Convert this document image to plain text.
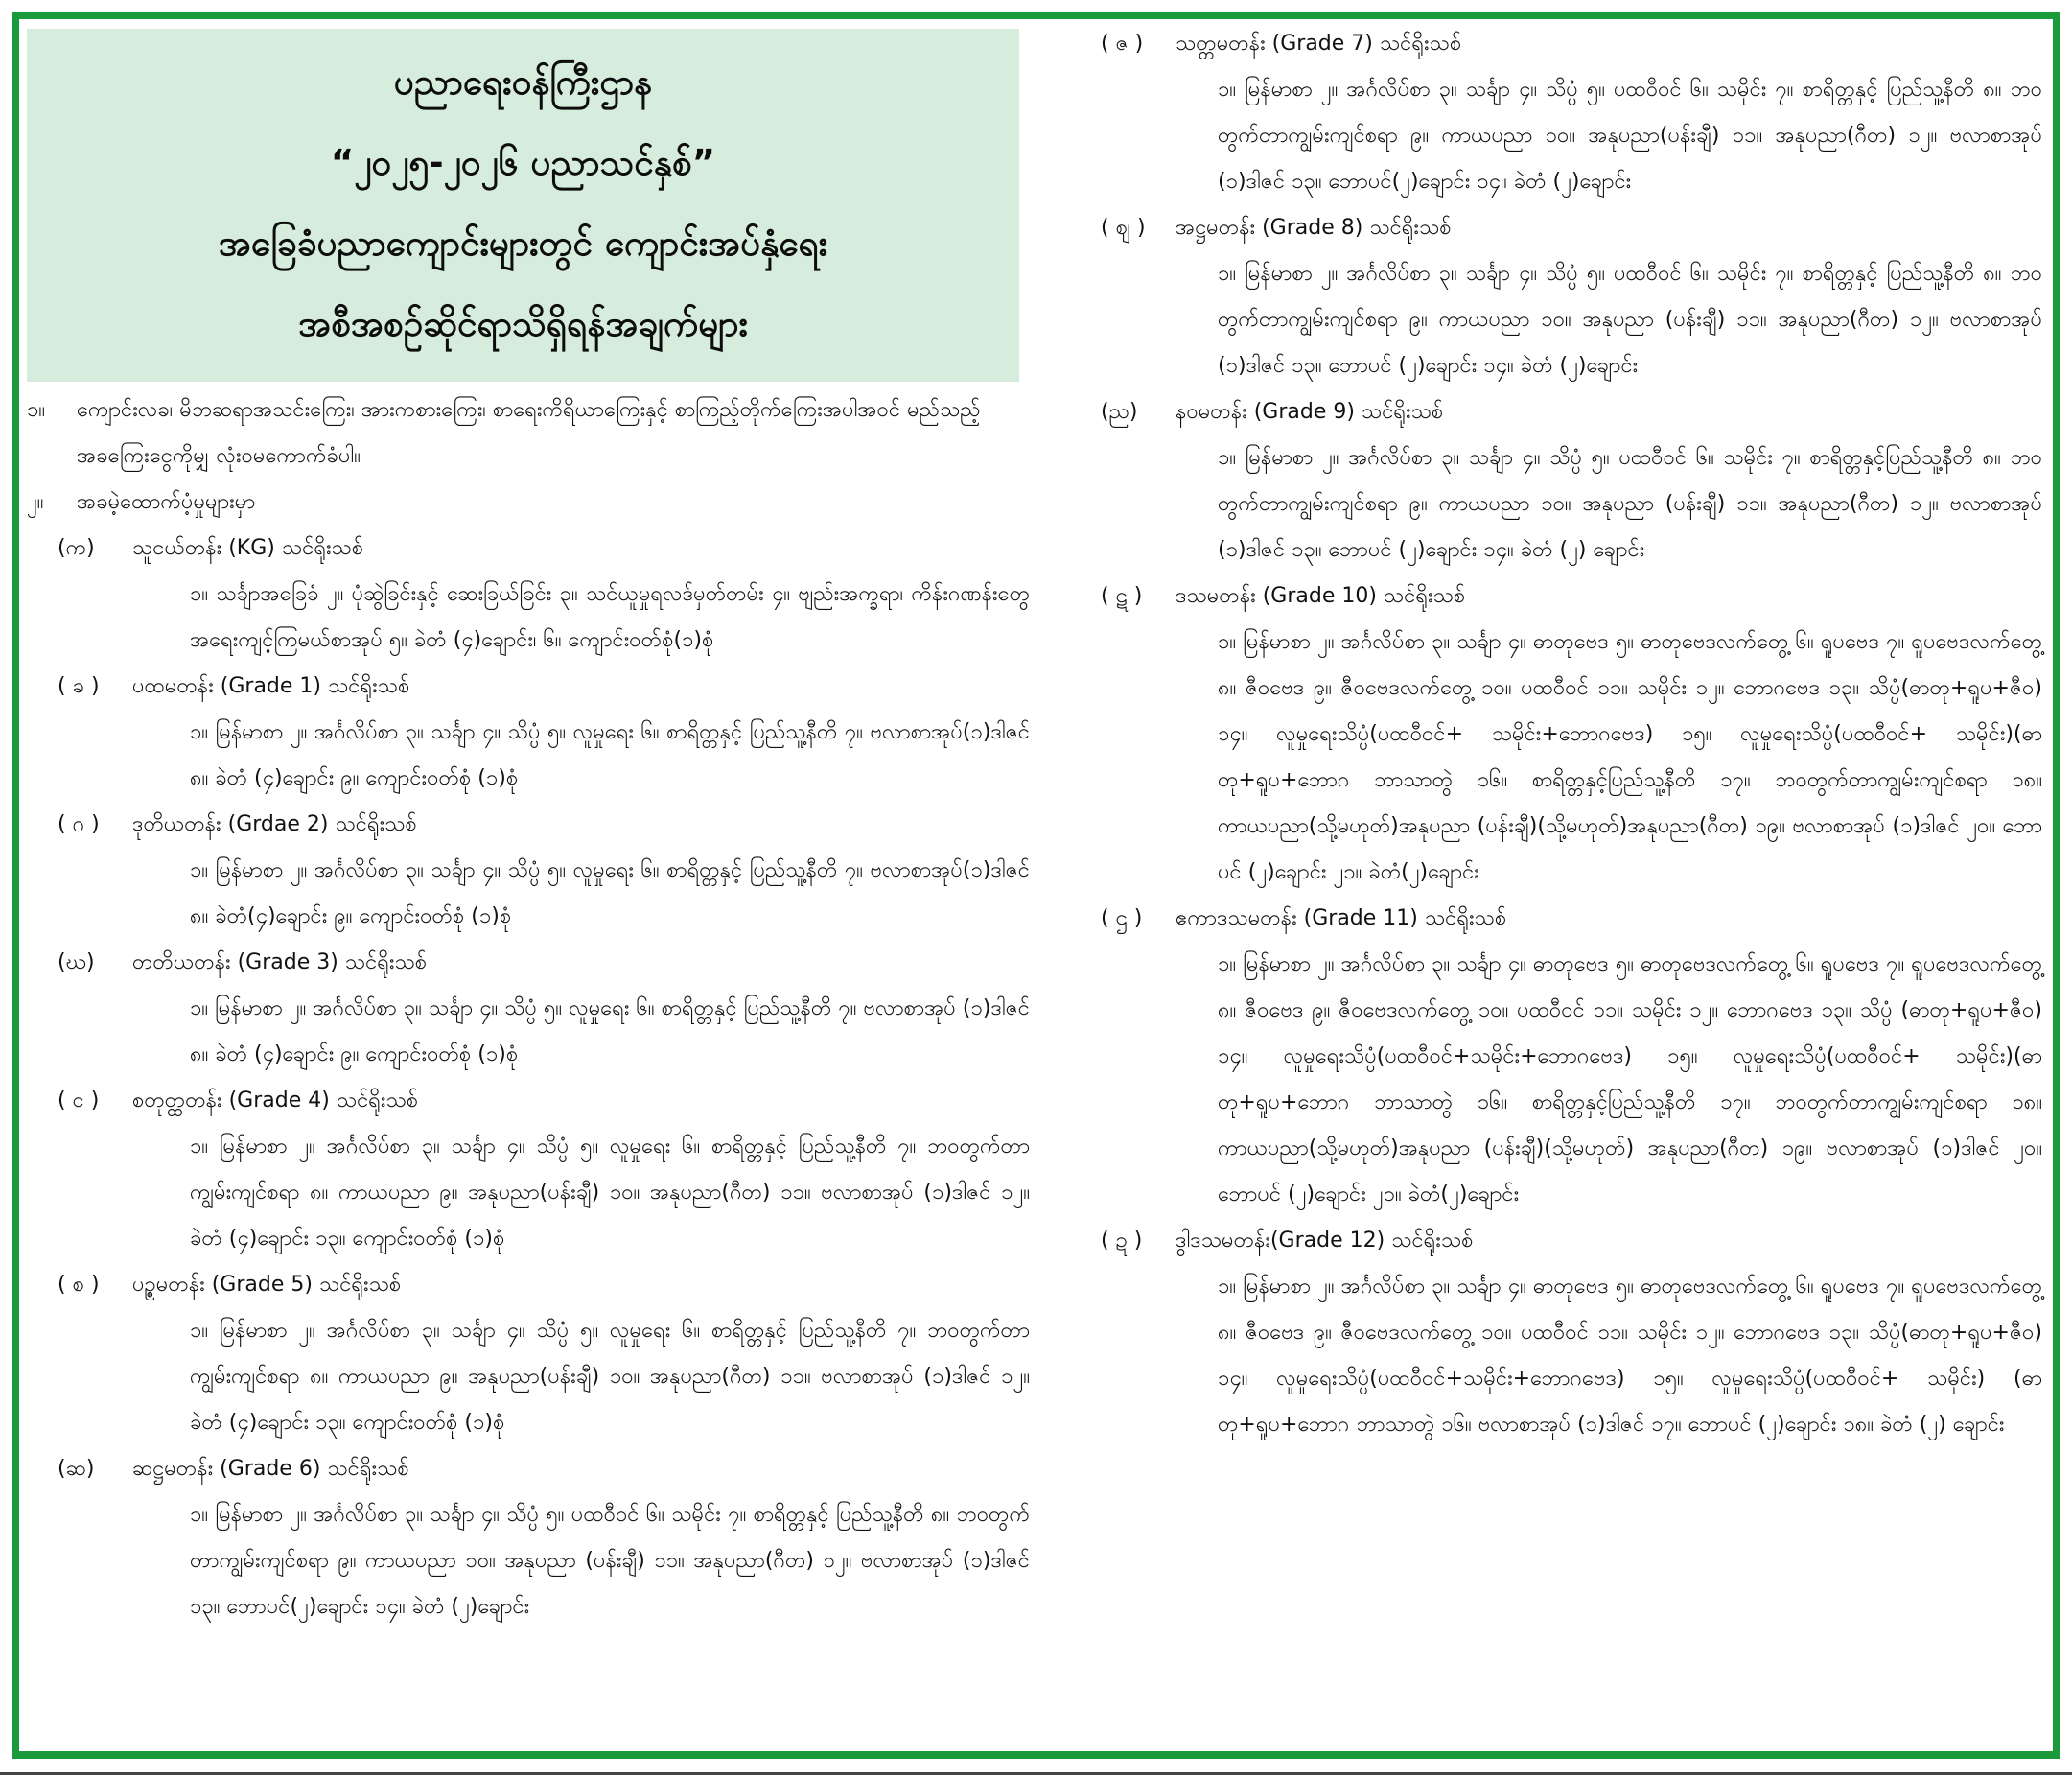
ပညာရေးဝန်ကြီးဌာန
“၂၀၂၅-၂၀၂၆ ပညာသင်နှစ်”
အခြေခံပညာကျောင်းများတွင် ကျောင်းအပ်နှံရေး
အစီအစဉ်ဆိုင်ရာသိရှိရန်အချက်များ
၁။ ကျောင်းလခ၊ မိဘဆရာအသင်းကြေး၊ အားကစားကြေး၊ စာရေးကိရိယာကြေးနှင့် စာကြည့်တိုက်ကြေးအပါအဝင် မည်သည့်အခကြေးငွေကိုမျှ လုံးဝမကောက်ခံပါ။
၂။ အခမဲ့ထောက်ပံ့မှုများမှာ
(က) သူငယ်တန်း (KG) သင်ရိုးသစ်
၁။ သင်္ချာအခြေခံ ၂။ ပုံဆွဲခြင်းနှင့် ဆေးခြယ်ခြင်း ၃။ သင်ယူမှုရလဒ်မှတ်တမ်း ၄။ ဗျည်းအက္ခရာ၊ ကိန်းဂဏန်းတွေအရေးကျင့်ကြမယ်စာအုပ် ၅။ ခဲတံ (၄)ချောင်း၊ ၆။ ကျောင်းဝတ်စုံ(၁)စုံ
( ခ ) ပထမတန်း (Grade 1) သင်ရိုးသစ်
၁။ မြန်မာစာ ၂။ အင်္ဂလိပ်စာ ၃။ သင်္ချာ ၄။ သိပ္ပံ ၅။ လူမှုရေး ၆။ စာရိတ္တနှင့် ပြည်သူ့နီတိ ၇။ ဗလာစာအုပ်(၁)ဒါဇင် ၈။ ခဲတံ (၄)ချောင်း ၉။ ကျောင်းဝတ်စုံ (၁)စုံ
( ဂ ) ဒုတိယတန်း (Grdae 2) သင်ရိုးသစ်
၁။ မြန်မာစာ ၂။ အင်္ဂလိပ်စာ ၃။ သင်္ချာ ၄။ သိပ္ပံ ၅။ လူမှုရေး ၆။ စာရိတ္တနှင့် ပြည်သူ့နီတိ ၇။ ဗလာစာအုပ်(၁)ဒါဇင် ၈။ ခဲတံ(၄)ချောင်း ၉။ ကျောင်းဝတ်စုံ (၁)စုံ
(ဃ) တတိယတန်း (Grade 3) သင်ရိုးသစ်
၁။ မြန်မာစာ ၂။ အင်္ဂလိပ်စာ ၃။ သင်္ချာ ၄။ သိပ္ပံ ၅။ လူမှုရေး ၆။ စာရိတ္တနှင့် ပြည်သူ့နီတိ ၇။ ဗလာစာအုပ် (၁)ဒါဇင် ၈။ ခဲတံ (၄)ချောင်း ၉။ ကျောင်းဝတ်စုံ (၁)စုံ
( င ) စတုတ္ထတန်း (Grade 4) သင်ရိုးသစ်
၁။ မြန်မာစာ ၂။ အင်္ဂလိပ်စာ ၃။ သင်္ချာ ၄။ သိပ္ပံ ၅။ လူမှုရေး ၆။ စာရိတ္တနှင့် ပြည်သူ့နီတိ ၇။ ဘဝတွက်တာကျွမ်းကျင်စရာ ၈။ ကာယပညာ ၉။ အနုပညာ(ပန်းချီ) ၁၀။ အနုပညာ(ဂီတ) ၁၁။ ဗလာစာအုပ် (၁)ဒါဇင် ၁၂။ ခဲတံ (၄)ချောင်း ၁၃။ ကျောင်းဝတ်စုံ (၁)စုံ
( စ ) ပဉ္စမတန်း (Grade 5) သင်ရိုးသစ်
၁။ မြန်မာစာ ၂။ အင်္ဂလိပ်စာ ၃။ သင်္ချာ ၄။ သိပ္ပံ ၅။ လူမှုရေး ၆။ စာရိတ္တနှင့် ပြည်သူ့နီတိ ၇။ ဘဝတွက်တာကျွမ်းကျင်စရာ ၈။ ကာယပညာ ၉။ အနုပညာ(ပန်းချီ) ၁၀။ အနုပညာ(ဂီတ) ၁၁။ ဗလာစာအုပ် (၁)ဒါဇင် ၁၂။ ခဲတံ (၄)ချောင်း ၁၃။ ကျောင်းဝတ်စုံ (၁)စုံ
(ဆ) ဆဋ္ဌမတန်း (Grade 6) သင်ရိုးသစ်
၁။ မြန်မာစာ ၂။ အင်္ဂလိပ်စာ ၃။ သင်္ချာ ၄။ သိပ္ပံ ၅။ ပထဝီဝင် ၆။ သမိုင်း ၇။ စာရိတ္တနှင့် ပြည်သူ့နီတိ ၈။ ဘဝတွက်တာကျွမ်းကျင်စရာ ၉။ ကာယပညာ ၁၀။ အနုပညာ (ပန်းချီ) ၁၁။ အနုပညာ(ဂီတ) ၁၂။ ဗလာစာအုပ် (၁)ဒါဇင် ၁၃။ ဘောပင်(၂)ချောင်း ၁၄။ ခဲတံ (၂)ချောင်း
( ဇ ) သတ္တမတန်း (Grade 7) သင်ရိုးသစ်
၁။ မြန်မာစာ ၂။ အင်္ဂလိပ်စာ ၃။ သင်္ချာ ၄။ သိပ္ပံ ၅။ ပထဝီဝင် ၆။ သမိုင်း ၇။ စာရိတ္တနှင့် ပြည်သူ့နီတိ ၈။ ဘဝတွက်တာကျွမ်းကျင်စရာ ၉။ ကာယပညာ ၁၀။ အနုပညာ(ပန်းချီ) ၁၁။ အနုပညာ(ဂီတ) ၁၂။ ဗလာစာအုပ် (၁)ဒါဇင် ၁၃။ ဘောပင်(၂)ချောင်း ၁၄။ ခဲတံ (၂)ချောင်း
( ဈ ) အဋ္ဌမတန်း (Grade 8) သင်ရိုးသစ်
၁။ မြန်မာစာ ၂။ အင်္ဂလိပ်စာ ၃။ သင်္ချာ ၄။ သိပ္ပံ ၅။ ပထဝီဝင် ၆။ သမိုင်း ၇။ စာရိတ္တနှင့် ပြည်သူ့နီတိ ၈။ ဘဝတွက်တာကျွမ်းကျင်စရာ ၉။ ကာယပညာ ၁၀။ အနုပညာ (ပန်းချီ) ၁၁။ အနုပညာ(ဂီတ) ၁၂။ ဗလာစာအုပ် (၁)ဒါဇင် ၁၃။ ဘောပင် (၂)ချောင်း ၁၄။ ခဲတံ (၂)ချောင်း
(ည) နဝမတန်း (Grade 9) သင်ရိုးသစ်
၁။ မြန်မာစာ ၂။ အင်္ဂလိပ်စာ ၃။ သင်္ချာ ၄။ သိပ္ပံ ၅။ ပထဝီဝင် ၆။ သမိုင်း ၇။ စာရိတ္တနှင့်ပြည်သူ့နီတိ ၈။ ဘဝတွက်တာကျွမ်းကျင်စရာ ၉။ ကာယပညာ ၁၀။ အနုပညာ (ပန်းချီ) ၁၁။ အနုပညာ(ဂီတ) ၁၂။ ဗလာစာအုပ် (၁)ဒါဇင် ၁၃။ ဘောပင် (၂)ချောင်း ၁၄။ ခဲတံ (၂) ချောင်း
( ဋ ) ဒသမတန်း (Grade 10) သင်ရိုးသစ်
၁။ မြန်မာစာ ၂။ အင်္ဂလိပ်စာ ၃။ သင်္ချာ ၄။ ဓာတုဗေဒ ၅။ ဓာတုဗေဒလက်တွေ့ ၆။ ရူပဗေဒ ၇။ ရူပဗေဒလက်တွေ့ ၈။ ဇီဝဗေဒ ၉။ ဇီဝဗေဒလက်တွေ့ ၁၀။ ပထဝီဝင် ၁၁။ သမိုင်း ၁၂။ ဘောဂဗေဒ ၁၃။ သိပ္ပံ(ဓာတု+ရူပ+ဇီဝ) ၁၄။ လူမှုရေးသိပ္ပံ(ပထဝီဝင်+ သမိုင်း+ဘောဂဗေဒ) ၁၅။ လူမှုရေးသိပ္ပံ(ပထဝီဝင်+ သမိုင်း)(ဓာတု+ရူပ+ဘောဂ ဘာသာတွဲ ၁၆။ စာရိတ္တနှင့်ပြည်သူ့နီတိ ၁၇။ ဘဝတွက်တာကျွမ်းကျင်စရာ ၁၈။ ကာယပညာ(သို့မဟုတ်)အနုပညာ (ပန်းချီ)(သို့မဟုတ်)အနုပညာ(ဂီတ) ၁၉။ ဗလာစာအုပ် (၁)ဒါဇင် ၂၀။ ဘောပင် (၂)ချောင်း ၂၁။ ခဲတံ(၂)ချောင်း
( ဌ ) ဧကာဒသမတန်း (Grade 11) သင်ရိုးသစ်
၁။ မြန်မာစာ ၂။ အင်္ဂလိပ်စာ ၃။ သင်္ချာ ၄။ ဓာတုဗေဒ ၅။ ဓာတုဗေဒလက်တွေ့ ၆။ ရူပဗေဒ ၇။ ရူပဗေဒလက်တွေ့ ၈။ ဇီဝဗေဒ ၉။ ဇီဝဗေဒလက်တွေ့ ၁၀။ ပထဝီဝင် ၁၁။ သမိုင်း ၁၂။ ဘောဂဗေဒ ၁၃။ သိပ္ပံ (ဓာတု+ရူပ+ဇီဝ) ၁၄။ လူမှုရေးသိပ္ပံ(ပထဝီဝင်+သမိုင်း+ဘောဂဗေဒ) ၁၅။ လူမှုရေးသိပ္ပံ(ပထဝီဝင်+ သမိုင်း)(ဓာတု+ရူပ+ဘောဂ ဘာသာတွဲ ၁၆။ စာရိတ္တနှင့်ပြည်သူ့နီတိ ၁၇။ ဘဝတွက်တာကျွမ်းကျင်စရာ ၁၈။ ကာယပညာ(သို့မဟုတ်)အနုပညာ (ပန်းချီ)(သို့မဟုတ်) အနုပညာ(ဂီတ) ၁၉။ ဗလာစာအုပ် (၁)ဒါဇင် ၂၀။ ဘောပင် (၂)ချောင်း ၂၁။ ခဲတံ(၂)ချောင်း
( ဍ ) ဒွါဒသမတန်း(Grade 12) သင်ရိုးသစ်
၁။ မြန်မာစာ ၂။ အင်္ဂလိပ်စာ ၃။ သင်္ချာ ၄။ ဓာတုဗေဒ ၅။ ဓာတုဗေဒလက်တွေ့ ၆။ ရူပဗေဒ ၇။ ရူပဗေဒလက်တွေ့ ၈။ ဇီဝဗေဒ ၉။ ဇီဝဗေဒလက်တွေ့ ၁၀။ ပထဝီဝင် ၁၁။ သမိုင်း ၁၂။ ဘောဂဗေဒ ၁၃။ သိပ္ပံ(ဓာတု+ရူပ+ဇီဝ) ၁၄။ လူမှုရေးသိပ္ပံ(ပထဝီဝင်+သမိုင်း+ဘောဂဗေဒ) ၁၅။ လူမှုရေးသိပ္ပံ(ပထဝီဝင်+ သမိုင်း) (ဓာတု+ရူပ+ဘောဂ ဘာသာတွဲ ၁၆။ ဗလာစာအုပ် (၁)ဒါဇင် ၁၇။ ဘောပင် (၂)ချောင်း ၁၈။ ခဲတံ (၂) ချောင်း
